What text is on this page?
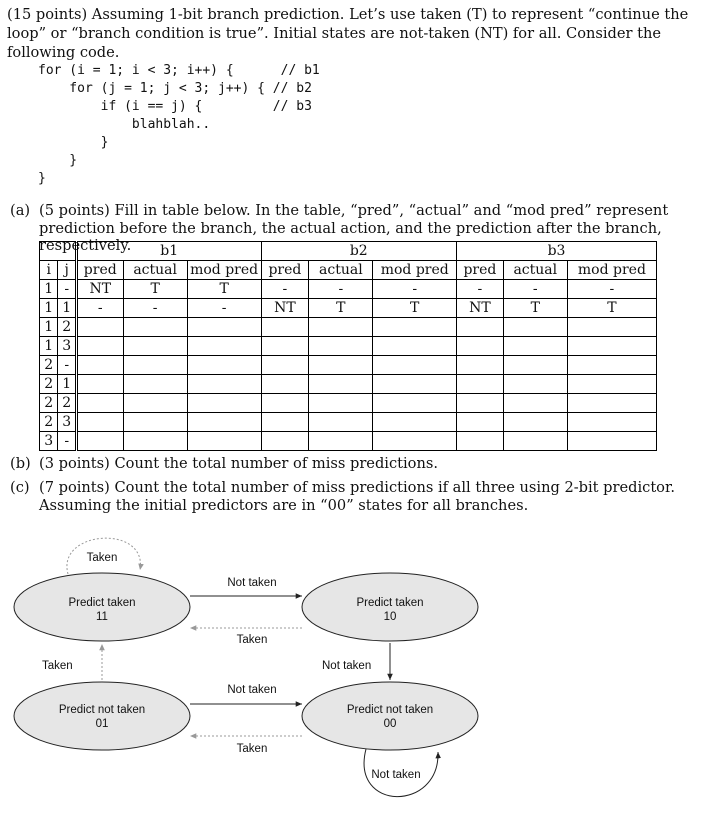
(15 points) Assuming 1-bit branch prediction. Let’s use taken (T) to represent “continue the loop” or “branch condition is true”. Initial states are not-taken (NT) for all. Consider the following code.
for (i = 1; i < 3; i++) {      // b1
for (j = 1; j < 3; j++) { // b2
if (i == j) {         // b3
blahblah..
}
}
}
(a) (5 points) Fill in table below. In the table, “pred”, “actual” and “mod pred” represent prediction before the branch, the actual action, and the prediction after the branch, respectively.
		b1			b2			b3		
i	j	pred	actual	mod pred	pred	actual	mod pred	pred	actual	mod pred
1	-	NT	T	T	-	-	-	-	-	-
1	1	-	-	-	NT	T	T	NT	T	T
1	2									
1	3									
2	-									
2	1									
2	2									
2	3									
3	-									
(b) (3 points) Count the total number of miss predictions.
(c) (7 points) Count the total number of miss predictions if all three using 2-bit predictor. Assuming the initial predictors are in “00” states for all branches.
Predict taken
11
Predict taken
10
Predict not taken
01
Predict not taken
00
Taken
Not taken
Taken
Taken	Not taken
Not taken
Taken
Not taken
